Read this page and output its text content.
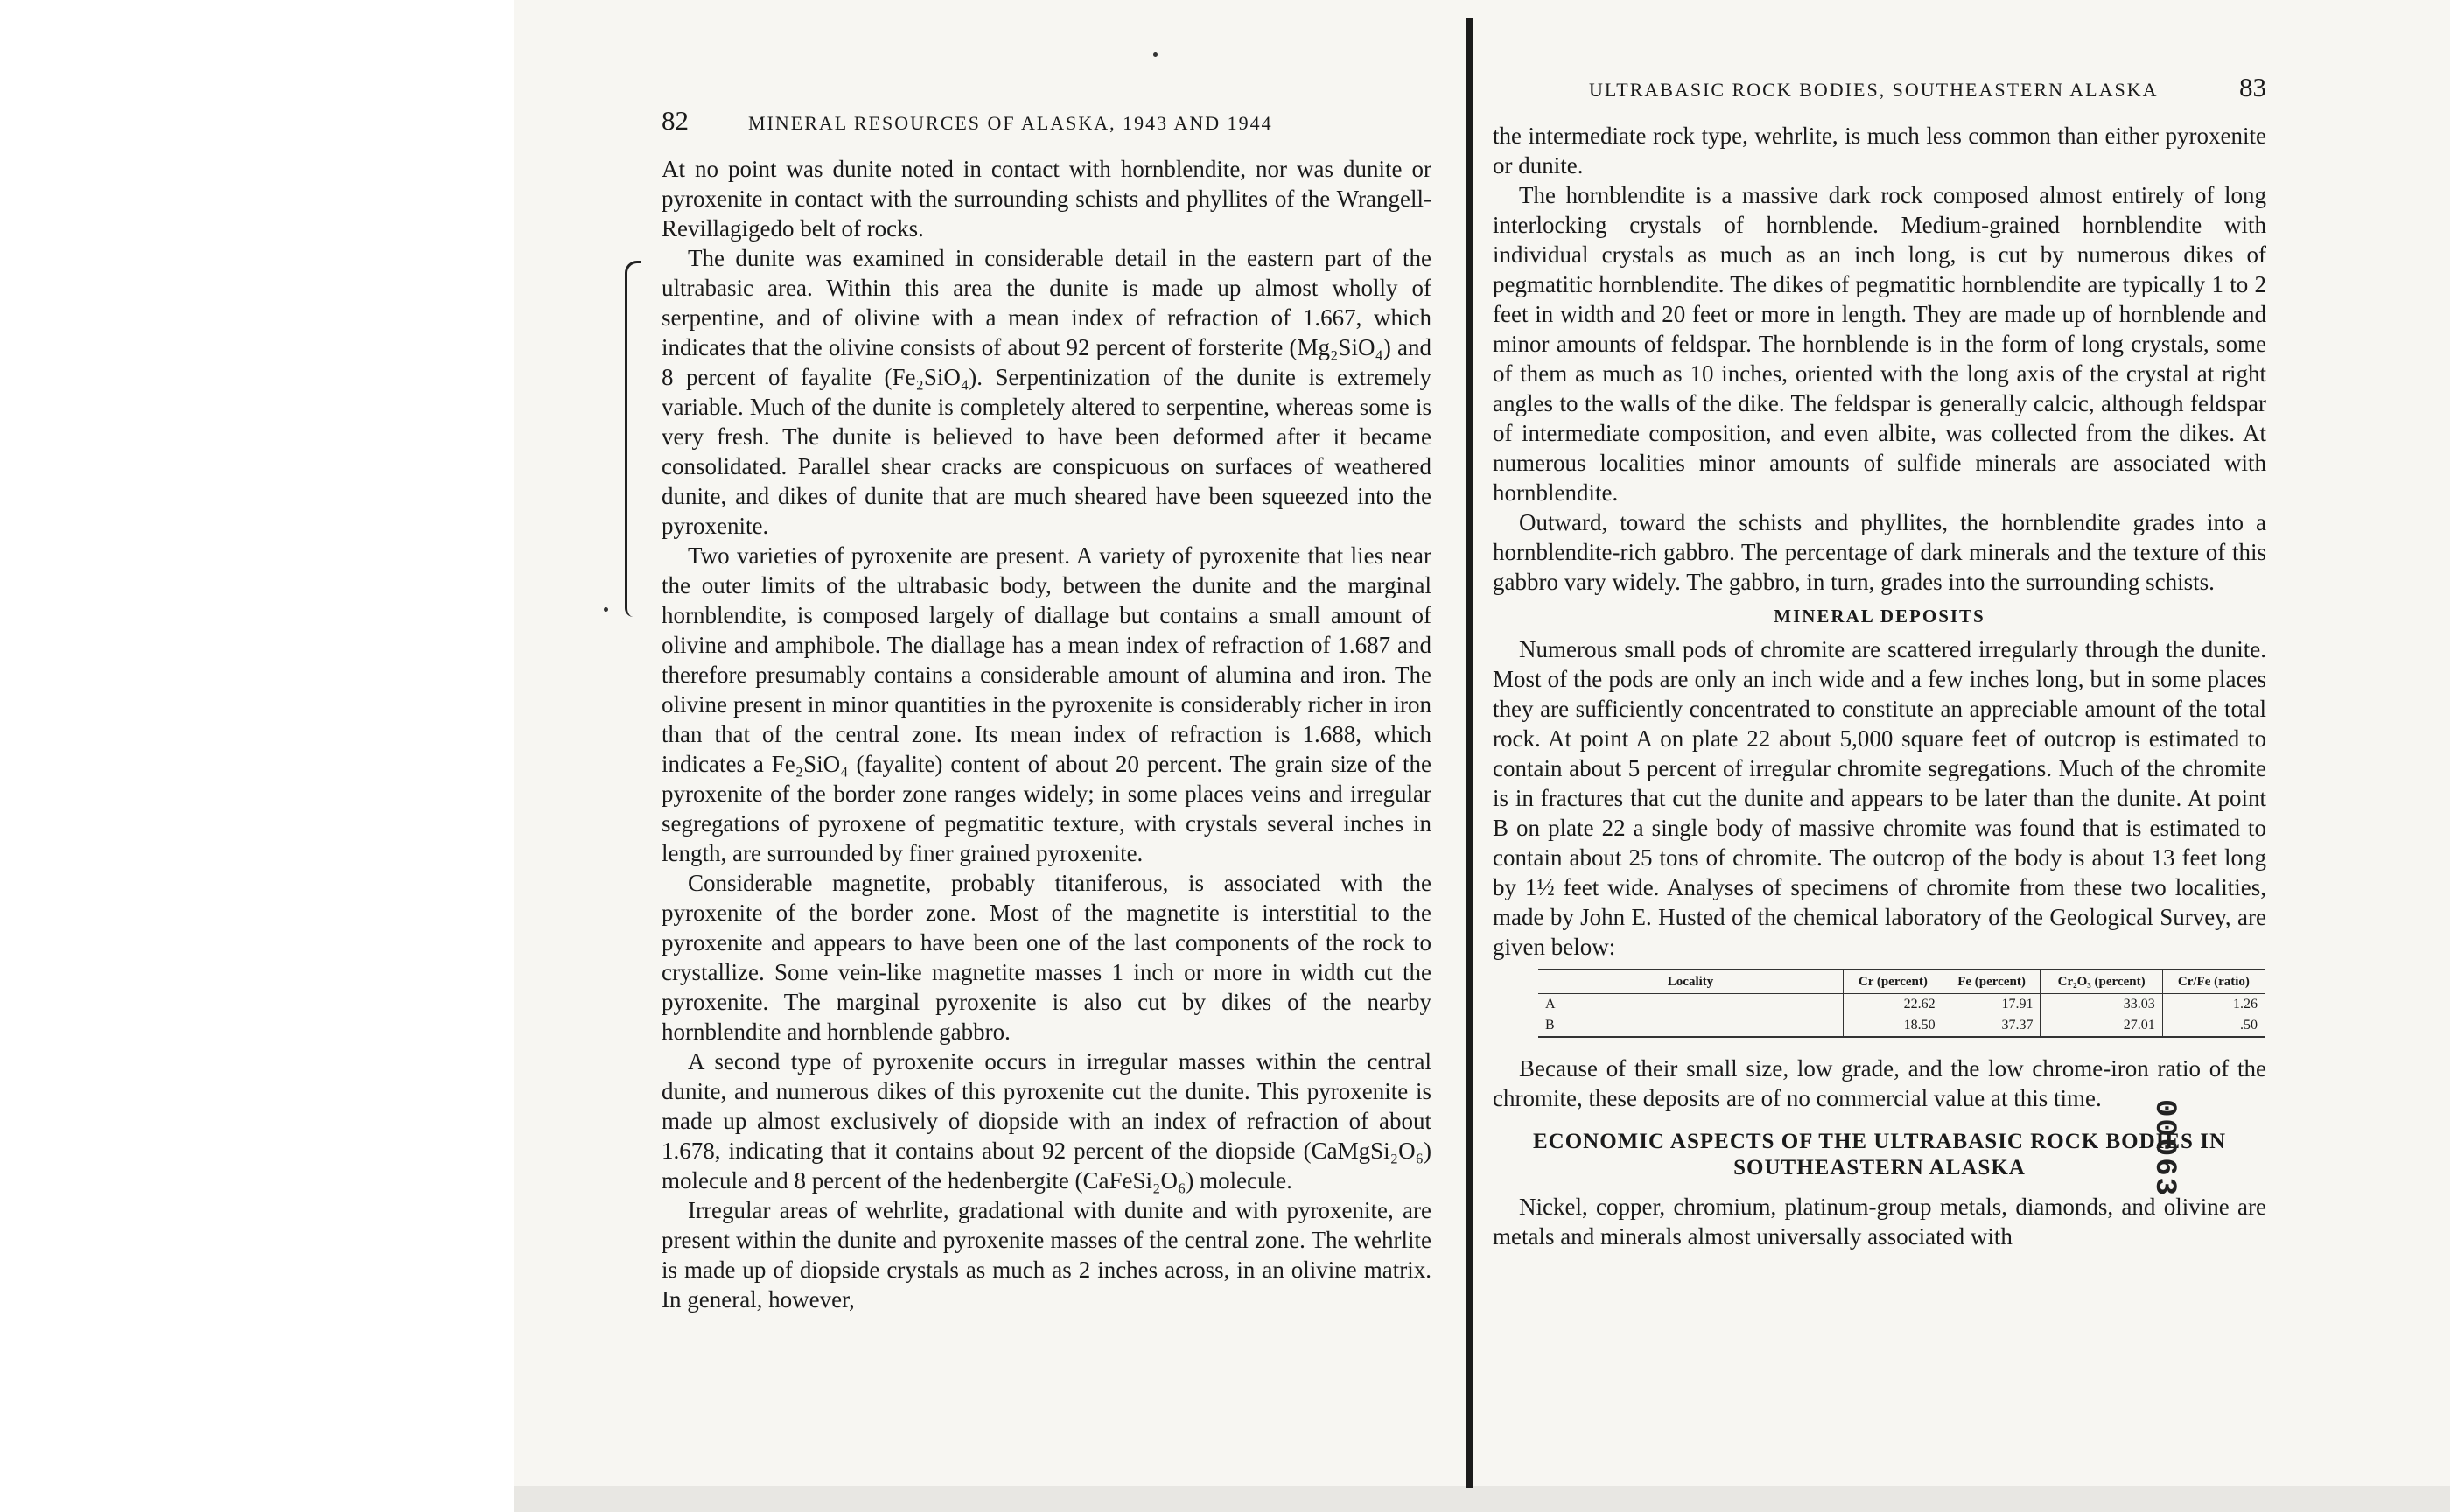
82	MINERAL RESOURCES OF ALASKA, 1943 AND 1944

At no point was dunite noted in contact with hornblendite, nor was dunite or pyroxenite in contact with the surrounding schists and phyllites of the Wrangell-Revillagigedo belt of rocks.

The dunite was examined in considerable detail in the eastern part of the ultrabasic area. Within this area the dunite is made up almost wholly of serpentine, and of olivine with a mean index of refraction of 1.667, which indicates that the olivine consists of about 92 percent of forsterite (Mg₂SiO₄) and 8 percent of fayalite (Fe₂SiO₄). Serpentinization of the dunite is extremely variable. Much of the dunite is completely altered to serpentine, whereas some is very fresh. The dunite is believed to have been deformed after it became consolidated. Parallel shear cracks are conspicuous on surfaces of weathered dunite, and dikes of dunite that are much sheared have been squeezed into the pyroxenite.

Two varieties of pyroxenite are present. A variety of pyroxenite that lies near the outer limits of the ultrabasic body, between the dunite and the marginal hornblendite, is composed largely of diallage but contains a small amount of olivine and amphibole. The diallage has a mean index of refraction of 1.687 and therefore presumably contains a considerable amount of alumina and iron. The olivine present in minor quantities in the pyroxenite is considerably richer in iron than that of the central zone. Its mean index of refraction is 1.688, which indicates a Fe₂SiO₄ (fayalite) content of about 20 percent. The grain size of the pyroxenite of the border zone ranges widely; in some places veins and irregular segregations of pyroxene of pegmatitic texture, with crystals several inches in length, are surrounded by finer grained pyroxenite.

Considerable magnetite, probably titaniferous, is associated with the pyroxenite of the border zone. Most of the magnetite is interstitial to the pyroxenite and appears to have been one of the last components of the rock to crystallize. Some vein-like magnetite masses 1 inch or more in width cut the pyroxenite. The marginal pyroxenite is also cut by dikes of the nearby hornblendite and hornblende gabbro.

A second type of pyroxenite occurs in irregular masses within the central dunite, and numerous dikes of this pyroxenite cut the dunite. This pyroxenite is made up almost exclusively of diopside with an index of refraction of about 1.678, indicating that it contains about 92 percent of the diopside (CaMgSi₂O₆) molecule and 8 percent of the hedenbergite (CaFeSi₂O₆) molecule.

Irregular areas of wehrlite, gradational with dunite and with pyroxenite, are present within the dunite and pyroxenite masses of the central zone. The wehrlite is made up of diopside crystals as much as 2 inches across, in an olivine matrix. In general, however,

ULTRABASIC ROCK BODIES, SOUTHEASTERN ALASKA	83

the intermediate rock type, wehrlite, is much less common than either pyroxenite or dunite.

The hornblendite is a massive dark rock composed almost entirely of long interlocking crystals of hornblende. Medium-grained hornblendite with individual crystals as much as an inch long, is cut by numerous dikes of pegmatitic hornblendite. The dikes of pegmatitic hornblendite are typically 1 to 2 feet in width and 20 feet or more in length. They are made up of hornblende and minor amounts of feldspar. The hornblende is in the form of long crystals, some of them as much as 10 inches, oriented with the long axis of the crystal at right angles to the walls of the dike. The feldspar is generally calcic, although feldspar of intermediate composition, and even albite, was collected from the dikes. At numerous localities minor amounts of sulfide minerals are associated with hornblendite.

Outward, toward the schists and phyllites, the hornblendite grades into a hornblendite-rich gabbro. The percentage of dark minerals and the texture of this gabbro vary widely. The gabbro, in turn, grades into the surrounding schists.

MINERAL DEPOSITS

Numerous small pods of chromite are scattered irregularly through the dunite. Most of the pods are only an inch wide and a few inches long, but in some places they are sufficiently concentrated to constitute an appreciable amount of the total rock. At point A on plate 22 about 5,000 square feet of outcrop is estimated to contain about 5 percent of irregular chromite segregations. Much of the chromite is in fractures that cut the dunite and appears to be later than the dunite. At point B on plate 22 a single body of massive chromite was found that is estimated to contain about 25 tons of chromite. The outcrop of the body is about 13 feet long by 1½ feet wide. Analyses of specimens of chromite from these two localities, made by John E. Husted of the chemical laboratory of the Geological Survey, are given below:

Locality	Cr (percent)	Fe (percent)	Cr₂O₃ (percent)	Cr/Fe (ratio)
A	22.62	17.91	33.03	1.26
B	18.50	37.37	27.01	.50

Because of their small size, low grade, and the low chrome-iron ratio of the chromite, these deposits are of no commercial value at this time.

ECONOMIC ASPECTS OF THE ULTRABASIC ROCK BODIES IN SOUTHEASTERN ALASKA

Nickel, copper, chromium, platinum-group metals, diamonds, and olivine are metals and minerals almost universally associated with

00063
